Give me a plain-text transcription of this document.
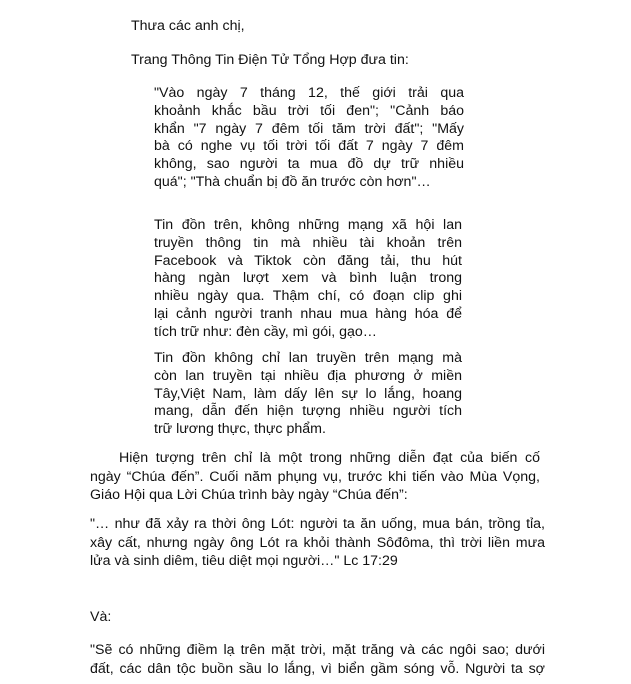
Thưa các anh chị,
Trang Thông Tin Điện Tử Tổng Hợp đưa tin:
"Vào ngày 7 tháng 12, thế giới trải qua
khoảnh khắc bầu trời tối đen"; "Cảnh báo
khẩn "7 ngày 7 đêm tối tăm trời đất"; "Mấy
bà có nghe vụ tối trời tối đất 7 ngày 7 đêm
không, sao người ta mua đồ dự trữ nhiều
quá"; "Thà chuẩn bị đồ ăn trước còn hơn"…
Tin đồn trên, không những mạng xã hội lan
truyền thông tin mà nhiều tài khoản trên
Facebook và Tiktok còn đăng tải, thu hút
hàng ngàn lượt xem và bình luận trong
nhiều ngày qua. Thậm chí, có đoạn clip ghi
lại cảnh người tranh nhau mua hàng hóa để
tích trữ như: đèn cầy, mì gói, gạo…
Tin đồn không chỉ lan truyền trên mạng mà
còn lan truyền tại nhiều địa phương ở miền
Tây,Việt Nam, làm dấy lên sự lo lắng, hoang
mang, dẫn đến hiện tượng nhiều người tích
trữ lương thực, thực phẩm.
Hiện tượng trên chỉ là một trong những diễn đạt của biến cố
ngày “Chúa đến”. Cuối năm phụng vụ, trước khi tiến vào Mùa Vọng,
Giáo Hội qua Lời Chúa trình bày ngày “Chúa đến”:
"… như đã xảy ra thời ông Lót: người ta ăn uống, mua bán, trồng tỉa,
xây cất, nhưng ngày ông Lót ra khỏi thành Sôđôma, thì trời liền mưa
lửa và sinh diêm, tiêu diệt mọi người…" Lc 17:29
Và:
"Sẽ có những điềm lạ trên mặt trời, mặt trăng và các ngôi sao; dưới
đất, các dân tộc buồn sầu lo lắng, vì biển gầm sóng vỗ. Người ta sợ
